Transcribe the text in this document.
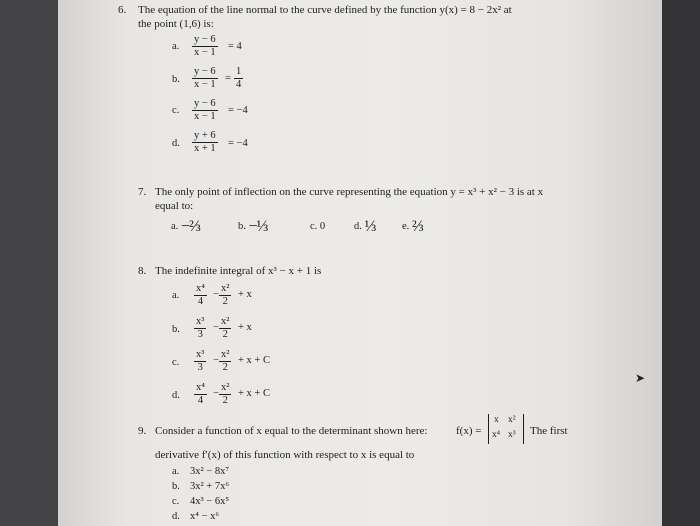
6. The equation of the line normal to the curve defined by the function y(x) = 8 − 2x² at
the point (1,6) is:
a. $\frac{y - 6}{x - 1} = 4$
b. $\frac{y - 6}{x - 1} = \frac{1}{4}$
c. $\frac{y - 6}{x - 1} = -4$
d. $\frac{y + 6}{x + 1} = -4$
7. The only point of inflection on the curve representing the equation y = x³ + x² − 3 is at x
equal to:
a. −⅔	b. −⅓	c. 0	d. ⅓	e. ⅔
8. The indefinite integral of x³ − x + 1 is
a. $\frac{\text{x⁴}}{4} - \frac{\text{x²}}{2} + x$
b. $\frac{\text{x³}}{3} - \frac{\text{x²}}{2} + x$
c. $\frac{\text{x³}}{3} - \frac{\text{x²}}{2} + x + C$
d. $\frac{\text{x⁴}}{4} - \frac{\text{x²}}{2} + x + C$
9. Consider a function of x equal to the determinant shown here:	f(x) =
x x²
x⁴ x³ The first
derivative f′(x) of this function with respect to x is equal to
a. 3x² − 8x⁷
b. 3x² + 7x⁶
c. 4x³ − 6x⁵
d. x⁴ − x⁶
➤
